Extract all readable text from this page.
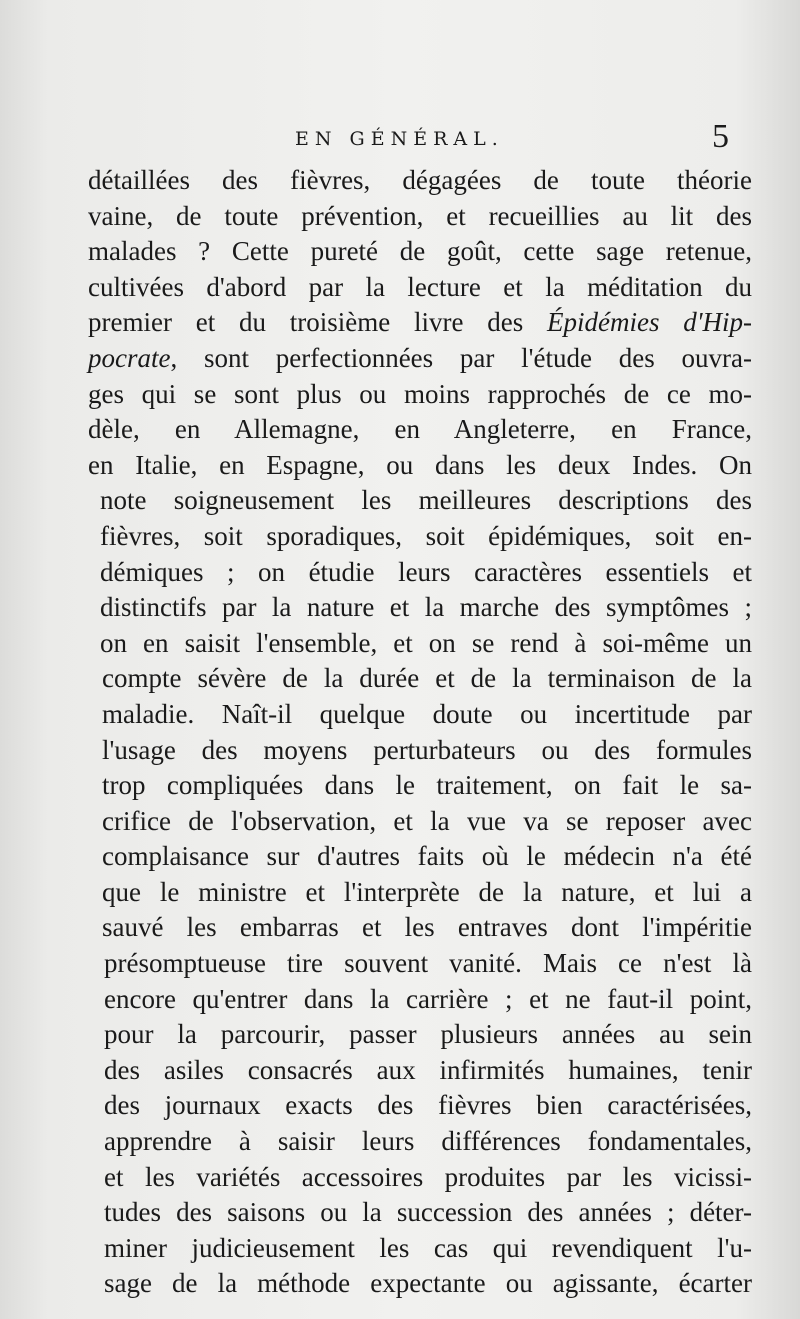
EN GÉNÉRAL.	5
détaillées des fièvres, dégagées de toute théorie
vaine, de toute prévention, et recueillies au lit des
malades ? Cette pureté de goût, cette sage retenue,
cultivées d'abord par la lecture et la méditation du
premier et du troisième livre des Épidémies d'Hip-
pocrate, sont perfectionnées par l'étude des ouvra-
ges qui se sont plus ou moins rapprochés de ce mo-
dèle, en Allemagne, en Angleterre, en France,
en Italie, en Espagne, ou dans les deux Indes. On
note soigneusement les meilleures descriptions des
fièvres, soit sporadiques, soit épidémiques, soit en-
démiques ; on étudie leurs caractères essentiels et
distinctifs par la nature et la marche des symptômes ;
on en saisit l'ensemble, et on se rend à soi-même un
compte sévère de la durée et de la terminaison de la
maladie. Naît-il quelque doute ou incertitude par
l'usage des moyens perturbateurs ou des formules
trop compliquées dans le traitement, on fait le sa-
crifice de l'observation, et la vue va se reposer avec
complaisance sur d'autres faits où le médecin n'a été
que le ministre et l'interprète de la nature, et lui a
sauvé les embarras et les entraves dont l'impéritie
présomptueuse tire souvent vanité. Mais ce n'est là
encore qu'entrer dans la carrière ; et ne faut-il point,
pour la parcourir, passer plusieurs années au sein
des asiles consacrés aux infirmités humaines, tenir
des journaux exacts des fièvres bien caractérisées,
apprendre à saisir leurs différences fondamentales,
et les variétés accessoires produites par les vicissi-
tudes des saisons ou la succession des années ; déter-
miner judicieusement les cas qui revendiquent l'u-
sage de la méthode expectante ou agissante, écarter
